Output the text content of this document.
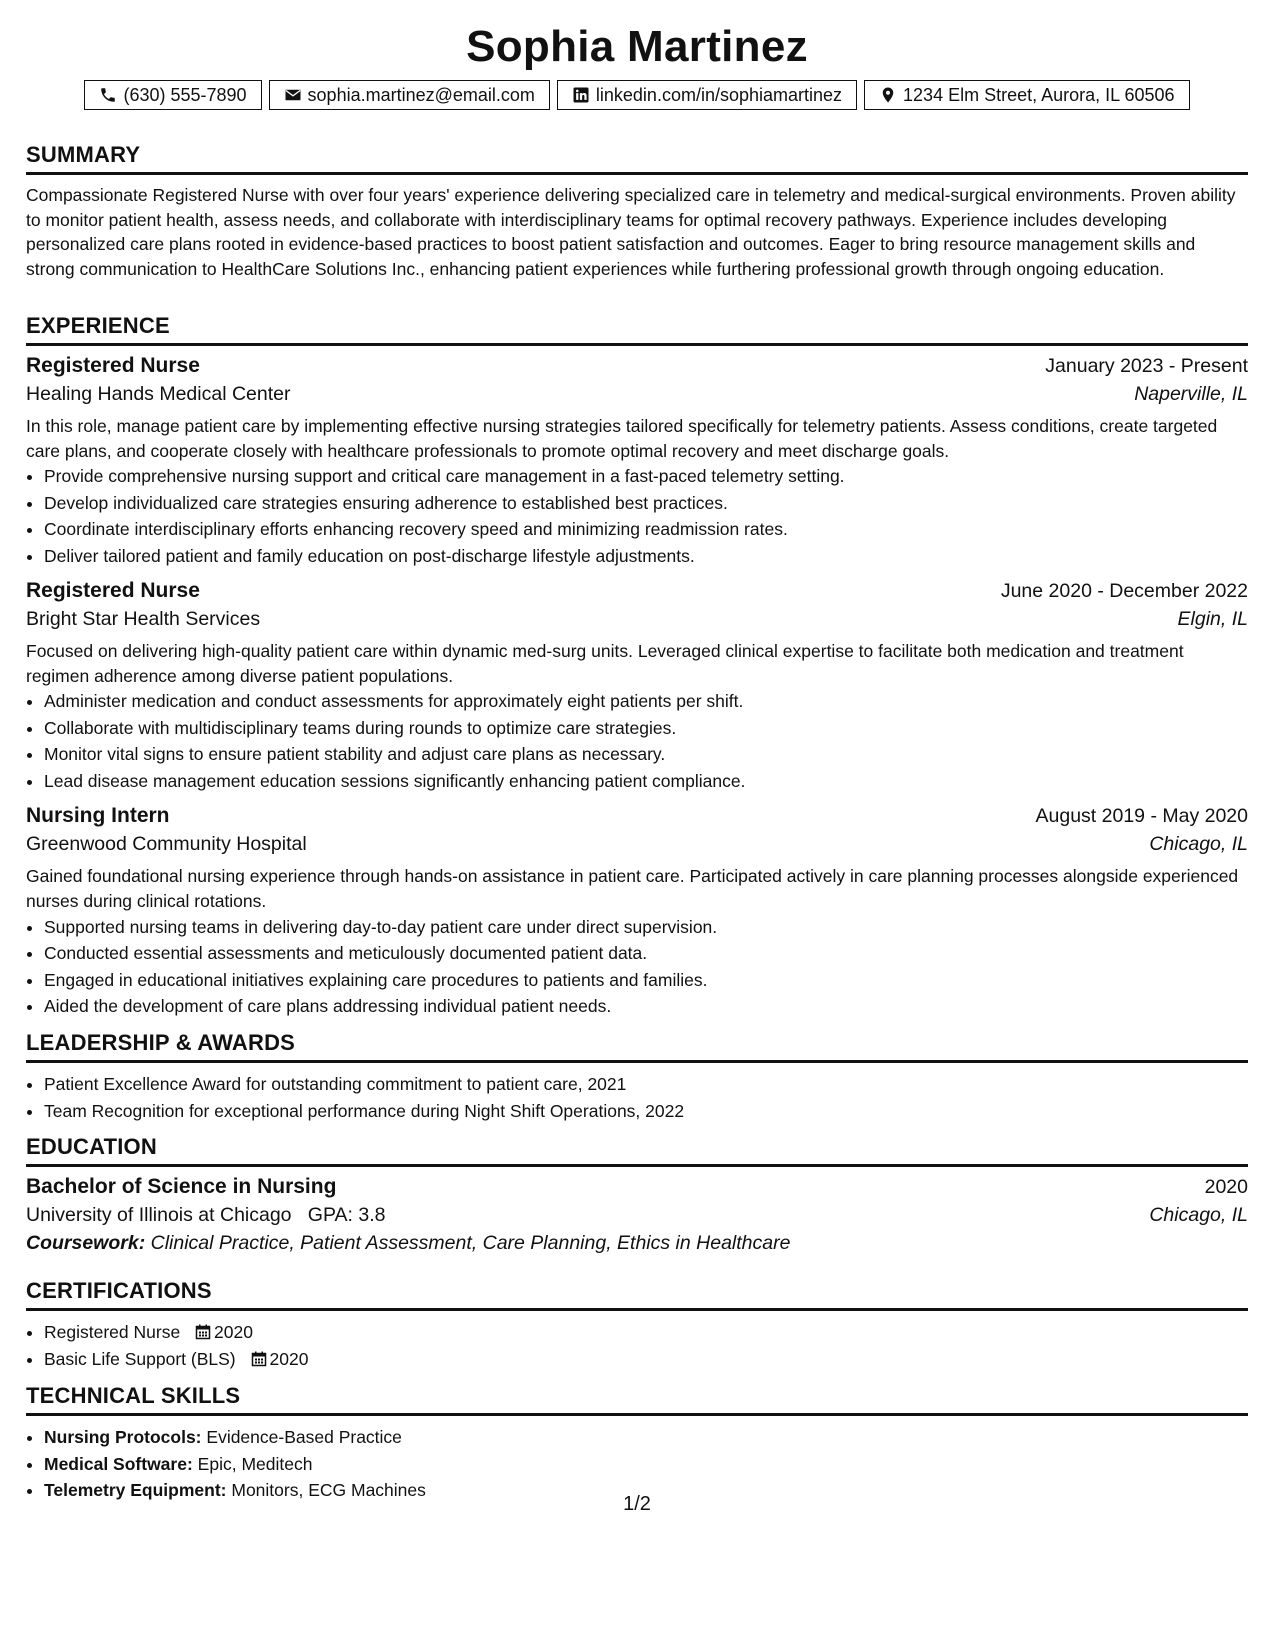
Sophia Martinez
(630) 555-7890	sophia.martinez@email.com	linkedin.com/in/sophiamartinez	1234 Elm Street, Aurora, IL 60506
SUMMARY

Compassionate Registered Nurse with over four years' experience delivering specialized care in telemetry and medical-surgical environments. Proven ability to monitor patient health, assess needs, and collaborate with interdisciplinary teams for optimal recovery pathways. Experience includes developing personalized care plans rooted in evidence-based practices to boost patient satisfaction and outcomes. Eager to bring resource management skills and strong communication to HealthCare Solutions Inc., enhancing patient experiences while furthering professional growth through ongoing education.

EXPERIENCE
Registered Nurse	January 2023 - Present
Healing Hands Medical Center	Naperville, IL

In this role, manage patient care by implementing effective nursing strategies tailored specifically for telemetry patients. Assess conditions, create targeted care plans, and cooperate closely with healthcare professionals to promote optimal recovery and meet discharge goals.

• Provide comprehensive nursing support and critical care management in a fast-paced telemetry setting.
• Develop individualized care strategies ensuring adherence to established best practices.
• Coordinate interdisciplinary efforts enhancing recovery speed and minimizing readmission rates.
• Deliver tailored patient and family education on post-discharge lifestyle adjustments.
Registered Nurse	June 2020 - December 2022
Bright Star Health Services	Elgin, IL

Focused on delivering high-quality patient care within dynamic med-surg units. Leveraged clinical expertise to facilitate both medication and treatment regimen adherence among diverse patient populations.

• Administer medication and conduct assessments for approximately eight patients per shift.
• Collaborate with multidisciplinary teams during rounds to optimize care strategies.
• Monitor vital signs to ensure patient stability and adjust care plans as necessary.
• Lead disease management education sessions significantly enhancing patient compliance.
Nursing Intern	August 2019 - May 2020
Greenwood Community Hospital	Chicago, IL

Gained foundational nursing experience through hands-on assistance in patient care. Participated actively in care planning processes alongside experienced nurses during clinical rotations.

• Supported nursing teams in delivering day-to-day patient care under direct supervision.
• Conducted essential assessments and meticulously documented patient data.
• Engaged in educational initiatives explaining care procedures to patients and families.
• Aided the development of care plans addressing individual patient needs.
LEADERSHIP & AWARDS
• Patient Excellence Award for outstanding commitment to patient care, 2021
• Team Recognition for exceptional performance during Night Shift Operations, 2022
EDUCATION
Bachelor of Science in Nursing	2020
University of Illinois at Chicago GPA: 3.8	Chicago, IL
Coursework: Clinical Practice, Patient Assessment, Care Planning, Ethics in Healthcare
CERTIFICATIONS
• Registered Nurse 2020
• Basic Life Support (BLS) 2020
TECHNICAL SKILLS
• Nursing Protocols: Evidence-Based Practice
• Medical Software: Epic, Meditech
• Telemetry Equipment: Monitors, ECG Machines
1/2
